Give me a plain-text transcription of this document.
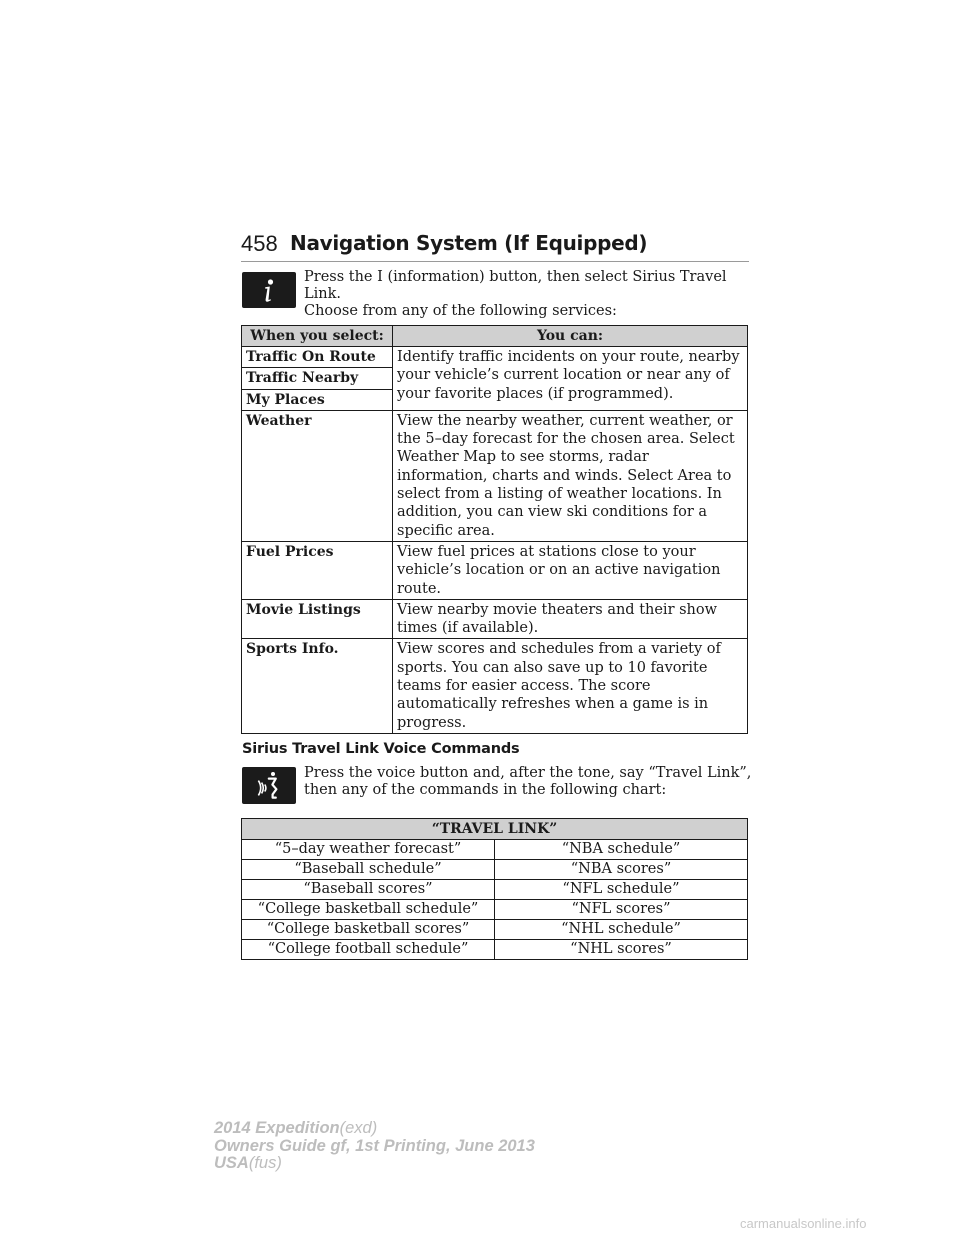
458 Navigation System (If Equipped)
Press the I (information) button, then select Sirius Travel Link.
Choose from any of the following services:
When you select:	You can:
Traffic On Route	Identify traffic incidents on your route, nearby your vehicle’s current location or near any of your favorite places (if programmed).
Traffic Nearby	
My Places	
Weather	View the nearby weather, current weather, or the 5–day forecast for the chosen area. Select Weather Map to see storms, radar information, charts and winds. Select Area to select from a listing of weather locations. In addition, you can view ski conditions for a specific area.
Fuel Prices	View fuel prices at stations close to your vehicle’s location or on an active navigation route.
Movie Listings	View nearby movie theaters and their show times (if available).
Sports Info.	View scores and schedules from a variety of sports. You can also save up to 10 favorite teams for easier access. The score automatically refreshes when a game is in progress.
Sirius Travel Link Voice Commands
Press the voice button and, after the tone, say “Travel Link”,
then any of the commands in the following chart:
“TRAVEL LINK”	
“5–day weather forecast”	“NBA schedule”
“Baseball schedule”	“NBA scores”
“Baseball scores”	“NFL schedule”
“College basketball schedule”	“NFL scores”
“College basketball scores”	“NHL schedule”
“College football schedule”	“NHL scores”
2014 Expedition(exd)
Owners Guide gf, 1st Printing, June 2013
USA(fus)
carmanualsonline.info
